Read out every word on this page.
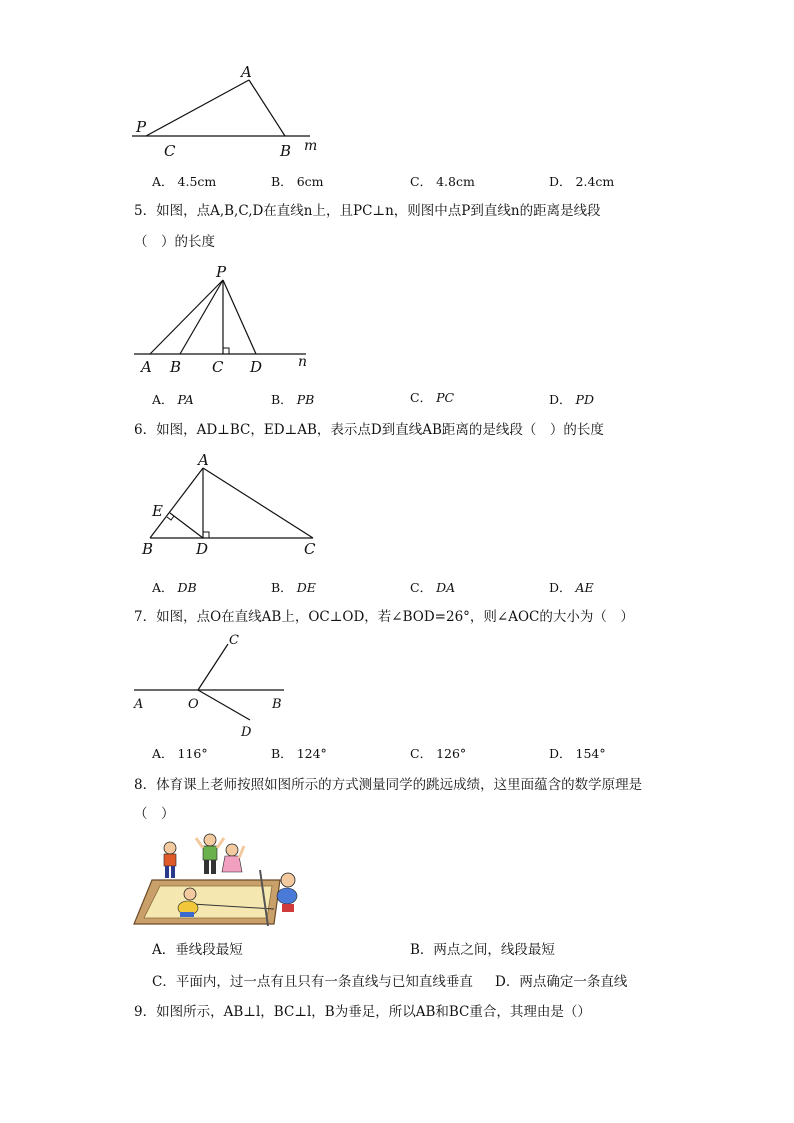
A
P
C	B m
A． 4.5cm	B． 6cm	C． 4.8cm	D． 2.4cm
5．如图，点A,B,C,D在直线n上，且PC⊥n，则图中点P到直线n的距离是线段
（　）的长度
P
A B C D	n
A． PA	B． PB	C． PC	D． PD
6．如图，AD⊥BC，ED⊥AB，表示点D到直线AB距离的是线段（　）的长度
A
E
B	D	C
A． DB	B． DE	C． DA	D． AE
7．如图，点O在直线AB上，OC⊥OD，若∠BOD=26°，则∠AOC的大小为（　）
C
A	O	B
D
A． 116°	B． 124°	C． 126°	D． 154°
8．体育课上老师按照如图所示的方式测量同学的跳远成绩，这里面蕴含的数学原理是
（　）
A．垂线段最短	B．两点之间，线段最短
C．平面内，过一点有且只有一条直线与已知直线垂直 D．两点确定一条直线
9．如图所示，AB⊥l，BC⊥l，B为垂足，所以AB和BC重合，其理由是（）
